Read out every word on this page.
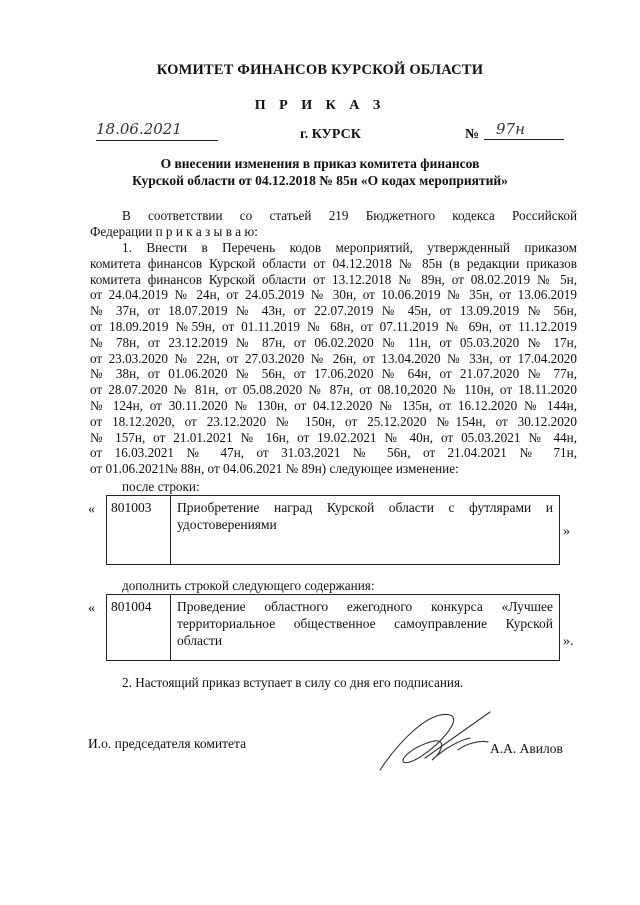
КОМИТЕТ ФИНАНСОВ КУРСКОЙ ОБЛАСТИ
П Р И К А З
18.06.2021	г. КУРСК	№	97н
О внесении изменения в приказ комитета финансов
Курской области от 04.12.2018 № 85н «О кодах мероприятий»
В соответствии со статьей 219 Бюджетного кодекса Российской
Федерации п р и к а з ы в а ю:
1. Внести в Перечень кодов мероприятий, утвержденный приказом
комитета финансов Курской области от 04.12.2018 № 85н (в редакции приказов
комитета финансов Курской области от 13.12.2018 № 89н, от 08.02.2019 № 5н,
от 24.04.2019 № 24н, от 24.05.2019 № 30н, от 10.06.2019 № 35н, от 13.06.2019
№ 37н, от 18.07.2019 № 43н, от 22.07.2019 № 45н, от 13.09.2019 № 56н,
от 18.09.2019 №59н, от 01.11.2019 № 68н, от 07.11.2019 № 69н, от 11.12.2019
№ 78н, от 23.12.2019 № 87н, от 06.02.2020 № 11н, от 05.03.2020 № 17н,
от 23.03.2020 № 22н, от 27.03.2020 № 26н, от 13.04.2020 № 33н, от 17.04.2020
№ 38н, от 01.06.2020 № 56н, от 17.06.2020 № 64н, от 21.07.2020 № 77н,
от 28.07.2020 № 81н, от 05.08.2020 № 87н, от 08.10,2020 № 110н, от 18.11.2020
№ 124н, от 30.11.2020 № 130н, от 04.12.2020 № 135н, от 16.12.2020 № 144н,
от 18.12.2020, от 23.12.2020 № 150н, от 25.12.2020 №154н, от 30.12.2020
№ 157н, от 21.01.2021 № 16н, от 19.02.2021 № 40н, от 05.03.2021 № 44н,
от 16.03.2021 № 47н, от 31.03.2021 № 56н, от 21.04.2021 № 71н,
от 01.06.2021№ 88н, от 04.06.2021 № 89н) следующее изменение:
после строки:
« 801003	Приобретение наград Курской области с футлярами и удостоверениями	»
дополнить строкой следующего содержания:
« 801004	Проведение областного ежегодного конкурса «Лучшее территориальное общественное самоуправление Курской области	».
2. Настоящий приказ вступает в силу со дня его подписания.
И.о. председателя комитета	А.А. Авилов
